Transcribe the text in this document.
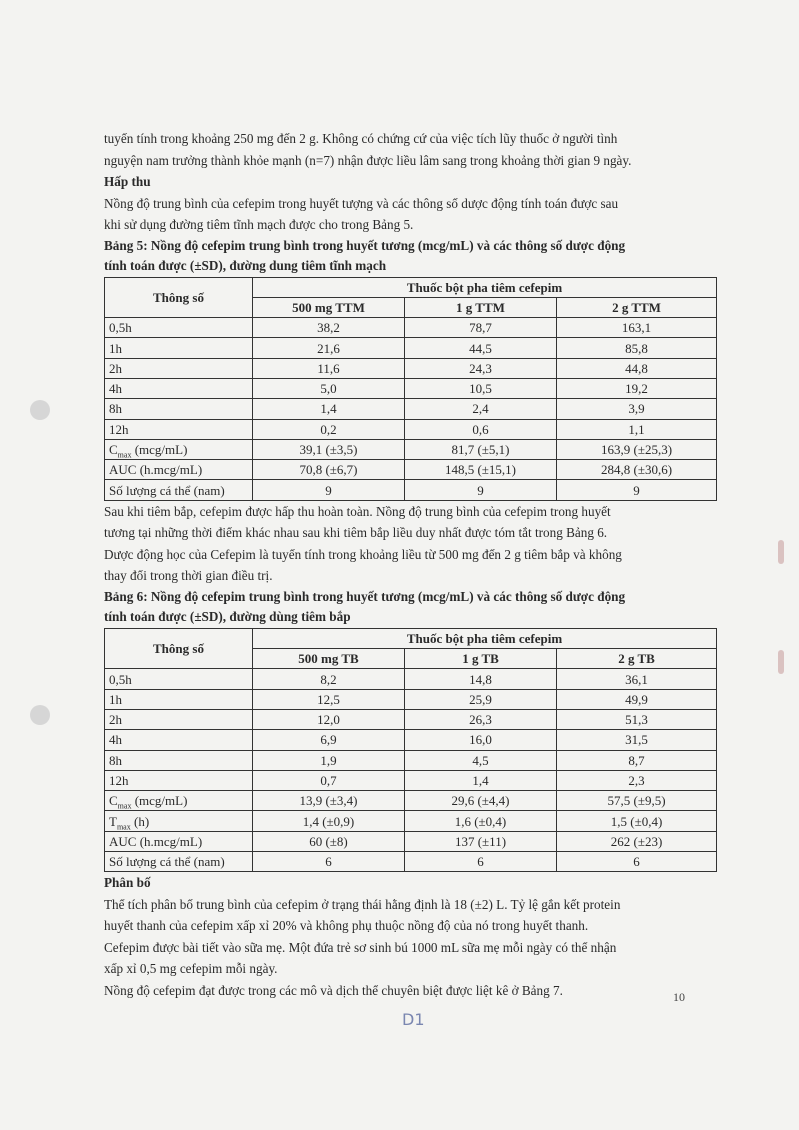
tuyến tính trong khoảng 250 mg đến 2 g. Không có chứng cứ của việc tích lũy thuốc ở người tình

nguyện nam trưởng thành khỏe mạnh (n=7) nhận được liều lâm sang trong khoảng thời gian 9 ngày.

Hấp thu

Nồng độ trung bình của cefepim trong huyết tượng và các thông số dược động tính toán được sau

khi sử dụng đường tiêm tĩnh mạch được cho trong Bảng 5.

Bảng 5: Nồng độ cefepim trung bình trong huyết tương (mcg/mL) và các thông số dược động

tính toán được (±SD), đường dung tiêm tĩnh mạch

Thông số	Thuốc bột pha tiêm cefepim		
	500 mg TTM	1 g TTM	2 g TTM
0,5h	38,2	78,7	163,1
1h	21,6	44,5	85,8
2h	11,6	24,3	44,8
4h	5,0	10,5	19,2
8h	1,4	2,4	3,9
12h	0,2	0,6	1,1
$C_{max}$ (mcg/mL)	39,1 (±3,5)	81,7 (±5,1)	163,9 (±25,3)
AUC (h.mcg/mL)	70,8 (±6,7)	148,5 (±15,1)	284,8 (±30,6)
Số lượng cá thể (nam)	9	9	9

Sau khi tiêm bắp, cefepim được hấp thu hoàn toàn. Nồng độ trung bình của cefepim trong huyết

tương tại những thời điểm khác nhau sau khi tiêm bắp liều duy nhất được tóm tắt trong Bảng 6.

Dược động học của Cefepim là tuyến tính trong khoảng liều từ 500 mg đến 2 g tiêm bắp và không

thay đổi trong thời gian điều trị.

Bảng 6: Nồng độ cefepim trung bình trong huyết tương (mcg/mL) và các thông số dược động

tính toán được (±SD), đường dùng tiêm bắp

Thông số	Thuốc bột pha tiêm cefepim		
	500 mg TB	1 g TB	2 g TB
0,5h	8,2	14,8	36,1
1h	12,5	25,9	49,9
2h	12,0	26,3	51,3
4h	6,9	16,0	31,5
8h	1,9	4,5	8,7
12h	0,7	1,4	2,3
$C_{max}$ (mcg/mL)	13,9 (±3,4)	29,6 (±4,4)	57,5 (±9,5)
$T_{max}$ (h)	1,4 (±0,9)	1,6 (±0,4)	1,5 (±0,4)
AUC (h.mcg/mL)	60 (±8)	137 (±11)	262 (±23)
Số lượng cá thể (nam)	6	6	6

Phân bố

Thể tích phân bố trung bình của cefepim ở trạng thái hằng định là 18 (±2) L. Tỷ lệ gắn kết protein

huyết thanh của cefepim xấp xỉ 20% và không phụ thuộc nồng độ của nó trong huyết thanh.

Cefepim được bài tiết vào sữa mẹ. Một đứa trẻ sơ sinh bú 1000 mL sữa mẹ mỗi ngày có thể nhận

xấp xỉ 0,5 mg cefepim mỗi ngày.

Nồng độ cefepim đạt được trong các mô và dịch thể chuyên biệt được liệt kê ở Bảng 7.	10
D1
